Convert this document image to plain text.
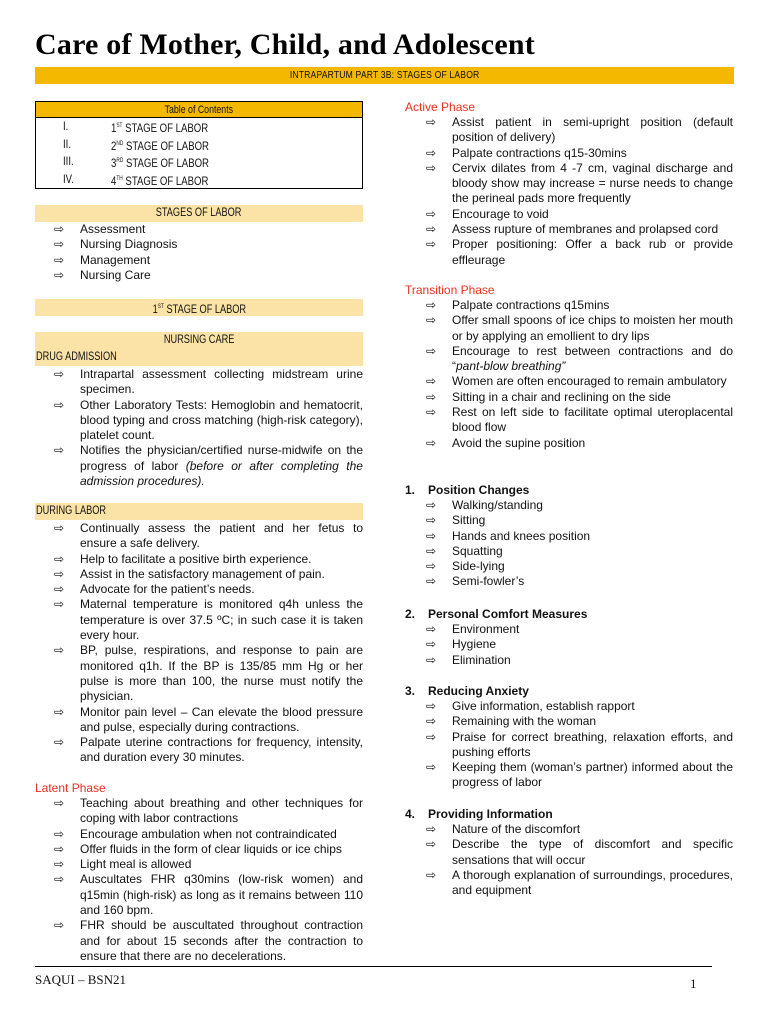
Care of Mother, Child, and Adolescent
INTRAPARTUM PART 3B: STAGES OF LABOR
Table of Contents
I.	1ST STAGE OF LABOR
II.	2ND STAGE OF LABOR
III.	3RD STAGE OF LABOR
IV.	4TH STAGE OF LABOR
STAGES OF LABOR
⇨ Assessment
⇨ Nursing Diagnosis
⇨ Management
⇨ Nursing Care
1ST STAGE OF LABOR
NURSING CARE
DRUG ADMISSION
⇨ Intrapartal assessment collecting midstream urine specimen.
⇨ Other Laboratory Tests: Hemoglobin and hematocrit, blood typing and cross matching (high-risk category), platelet count.
⇨ Notifies the physician/certified nurse-midwife on the progress of labor (before or after completing the admission procedures).
DURING LABOR
⇨ Continually assess the patient and her fetus to ensure a safe delivery.
⇨ Help to facilitate a positive birth experience.
⇨ Assist in the satisfactory management of pain.
⇨ Advocate for the patient’s needs.
⇨ Maternal temperature is monitored q4h unless the temperature is over 37.5 ºC; in such case it is taken every hour.
⇨ BP, pulse, respirations, and response to pain are monitored q1h. If the BP is 135/85 mm Hg or her pulse is more than 100, the nurse must notify the physician.
⇨ Monitor pain level – Can elevate the blood pressure and pulse, especially during contractions.
⇨ Palpate uterine contractions for frequency, intensity, and duration every 30 minutes.
Latent Phase
⇨ Teaching about breathing and other techniques for coping with labor contractions
⇨ Encourage ambulation when not contraindicated
⇨ Offer fluids in the form of clear liquids or ice chips
⇨ Light meal is allowed
⇨ Auscultates FHR q30mins (low-risk women) and q15min (high-risk) as long as it remains between 110 and 160 bpm.
⇨ FHR should be auscultated throughout contraction and for about 15 seconds after the contraction to ensure that there are no decelerations.
Active Phase
⇨ Assist patient in semi-upright position (default position of delivery)
⇨ Palpate contractions q15-30mins
⇨ Cervix dilates from 4 -7 cm, vaginal discharge and bloody show may increase = nurse needs to change the perineal pads more frequently
⇨ Encourage to void
⇨ Assess rupture of membranes and prolapsed cord
⇨ Proper positioning: Offer a back rub or provide effleurage
Transition Phase
⇨ Palpate contractions q15mins
⇨ Offer small spoons of ice chips to moisten her mouth or by applying an emollient to dry lips
⇨ Encourage to rest between contractions and do “pant-blow breathing”
⇨ Women are often encouraged to remain ambulatory
⇨ Sitting in a chair and reclining on the side
⇨ Rest on left side to facilitate optimal uteroplacental blood flow
⇨ Avoid the supine position
1. Position Changes
⇨ Walking/standing
⇨ Sitting
⇨ Hands and knees position
⇨ Squatting
⇨ Side-lying
⇨ Semi-fowler’s
2. Personal Comfort Measures
⇨ Environment
⇨ Hygiene
⇨ Elimination
3. Reducing Anxiety
⇨ Give information, establish rapport
⇨ Remaining with the woman
⇨ Praise for correct breathing, relaxation efforts, and pushing efforts
⇨ Keeping them (woman’s partner) informed about the progress of labor
4. Providing Information
⇨ Nature of the discomfort
⇨ Describe the type of discomfort and specific sensations that will occur
⇨ A thorough explanation of surroundings, procedures, and equipment
SAQUI – BSN21	1
